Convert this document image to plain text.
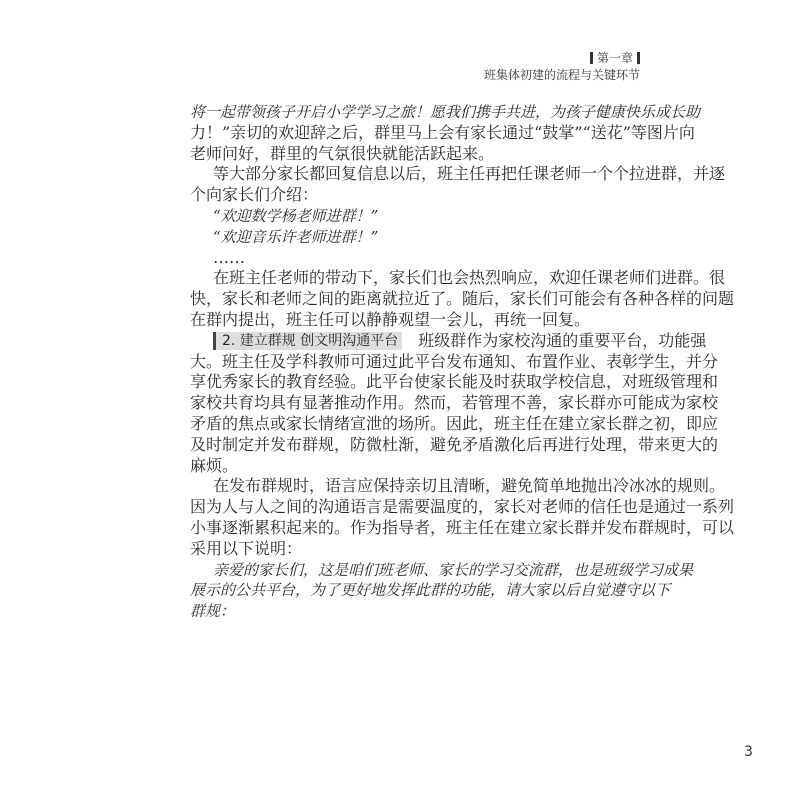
第一章
班集体初建的流程与关键环节
将一起带领孩子开启小学学习之旅！愿我们携手共进，为孩子健康快乐成长助
力！”亲切的欢迎辞之后，群里马上会有家长通过“鼓掌”“送花”等图片向
老师问好，群里的气氛很快就能活跃起来。
等大部分家长都回复信息以后，班主任再把任课老师一个个拉进群，并逐
个向家长们介绍：
“欢迎数学杨老师进群！”
“欢迎音乐许老师进群！”
……
在班主任老师的带动下，家长们也会热烈响应，欢迎任课老师们进群。很
快，家长和老师之间的距离就拉近了。随后，家长们可能会有各种各样的问题
在群内提出，班主任可以静静观望一会儿，再统一回复。
2. 建立群规 创文明沟通平台 班级群作为家校沟通的重要平台，功能强
大。班主任及学科教师可通过此平台发布通知、布置作业、表彰学生，并分
享优秀家长的教育经验。此平台使家长能及时获取学校信息，对班级管理和
家校共育均具有显著推动作用。然而，若管理不善，家长群亦可能成为家校
矛盾的焦点或家长情绪宣泄的场所。因此，班主任在建立家长群之初，即应
及时制定并发布群规，防微杜渐，避免矛盾激化后再进行处理，带来更大的
麻烦。
在发布群规时，语言应保持亲切且清晰，避免简单地抛出冷冰冰的规则。
因为人与人之间的沟通语言是需要温度的，家长对老师的信任也是通过一系列
小事逐渐累积起来的。作为指导者，班主任在建立家长群并发布群规时，可以
采用以下说明：
亲爱的家长们，这是咱们班老师、家长的学习交流群，也是班级学习成果
展示的公共平台，为了更好地发挥此群的功能，请大家以后自觉遵守以下
群规：
3
